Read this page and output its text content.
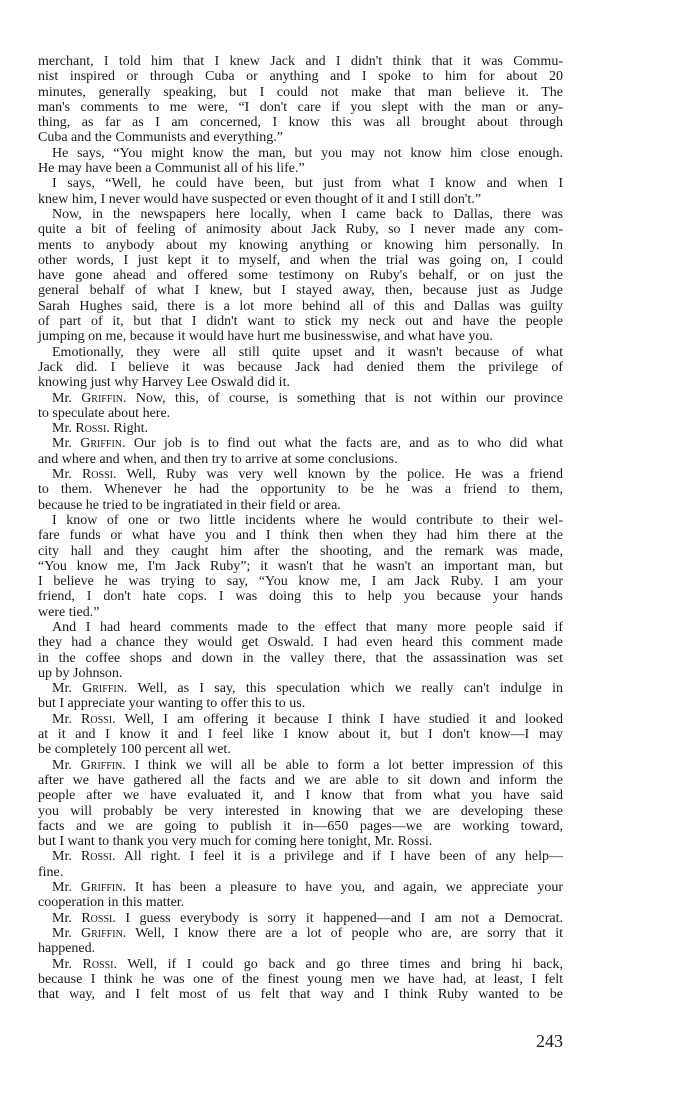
merchant, I told him that I knew Jack and I didn't think that it was Commu-
nist inspired or through Cuba or anything and I spoke to him for about 20
minutes, generally speaking, but I could not make that man believe it. The
man's comments to me were, “I don't care if you slept with the man or any-
thing, as far as I am concerned, I know this was all brought about through
Cuba and the Communists and everything.”
He says, “You might know the man, but you may not know him close enough.
He may have been a Communist all of his life.”
I says, “Well, he could have been, but just from what I know and when I
knew him, I never would have suspected or even thought of it and I still don't.”
Now, in the newspapers here locally, when I came back to Dallas, there was
quite a bit of feeling of animosity about Jack Ruby, so I never made any com-
ments to anybody about my knowing anything or knowing him personally. In
other words, I just kept it to myself, and when the trial was going on, I could
have gone ahead and offered some testimony on Ruby's behalf, or on just the
general behalf of what I knew, but I stayed away, then, because just as Judge
Sarah Hughes said, there is a lot more behind all of this and Dallas was guilty
of part of it, but that I didn't want to stick my neck out and have the people
jumping on me, because it would have hurt me businesswise, and what have you.
Emotionally, they were all still quite upset and it wasn't because of what
Jack did. I believe it was because Jack had denied them the privilege of
knowing just why Harvey Lee Oswald did it.
Mr. Griffin. Now, this, of course, is something that is not within our province
to speculate about here.
Mr. Rossi. Right.
Mr. Griffin. Our job is to find out what the facts are, and as to who did what
and where and when, and then try to arrive at some conclusions.
Mr. Rossi. Well, Ruby was very well known by the police. He was a friend
to them. Whenever he had the opportunity to be he was a friend to them,
because he tried to be ingratiated in their field or area.
I know of one or two little incidents where he would contribute to their wel-
fare funds or what have you and I think then when they had him there at the
city hall and they caught him after the shooting, and the remark was made,
“You know me, I'm Jack Ruby”; it wasn't that he wasn't an important man, but
I believe he was trying to say, “You know me, I am Jack Ruby. I am your
friend, I don't hate cops. I was doing this to help you because your hands
were tied.”
And I had heard comments made to the effect that many more people said if
they had a chance they would get Oswald. I had even heard this comment made
in the coffee shops and down in the valley there, that the assassination was set
up by Johnson.
Mr. Griffin. Well, as I say, this speculation which we really can't indulge in
but I appreciate your wanting to offer this to us.
Mr. Rossi. Well, I am offering it because I think I have studied it and looked
at it and I know it and I feel like I know about it, but I don't know—I may
be completely 100 percent all wet.
Mr. Griffin. I think we will all be able to form a lot better impression of this
after we have gathered all the facts and we are able to sit down and inform the
people after we have evaluated it, and I know that from what you have said
you will probably be very interested in knowing that we are developing these
facts and we are going to publish it in—650 pages—we are working toward,
but I want to thank you very much for coming here tonight, Mr. Rossi.
Mr. Rossi. All right. I feel it is a privilege and if I have been of any help—
fine.
Mr. Griffin. It has been a pleasure to have you, and again, we appreciate your
cooperation in this matter.
Mr. Rossi. I guess everybody is sorry it happened—and I am not a Democrat.
Mr. Griffin. Well, I know there are a lot of people who are, are sorry that it
happened.
Mr. Rossi. Well, if I could go back and go three times and bring hi back,
because I think he was one of the finest young men we have had, at least, I felt
that way, and I felt most of us felt that way and I think Ruby wanted to be
243
